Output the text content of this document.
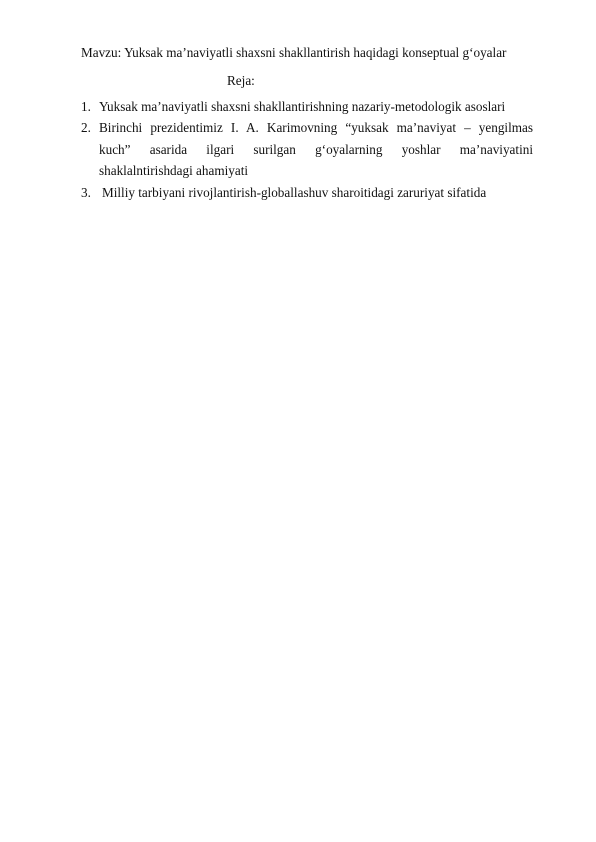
Mavzu: Yuksak ma’naviyatli shaxsni shakllantirish haqidagi konseptual g‘oyalar
Reja:
1. Yuksak ma’naviyatli shaxsni shakllantirishning nazariy-metodologik asoslari
2. Birinchi prezidentimiz I. A. Karimovning “yuksak ma’naviyat – yengilmas
kuch” asarida ilgari surilgan g‘oyalarning yoshlar ma’naviyatini
shaklalntirishdagi ahamiyati
3. Milliy tarbiyani rivojlantirish-globallashuv sharoitidagi zaruriyat sifatida
